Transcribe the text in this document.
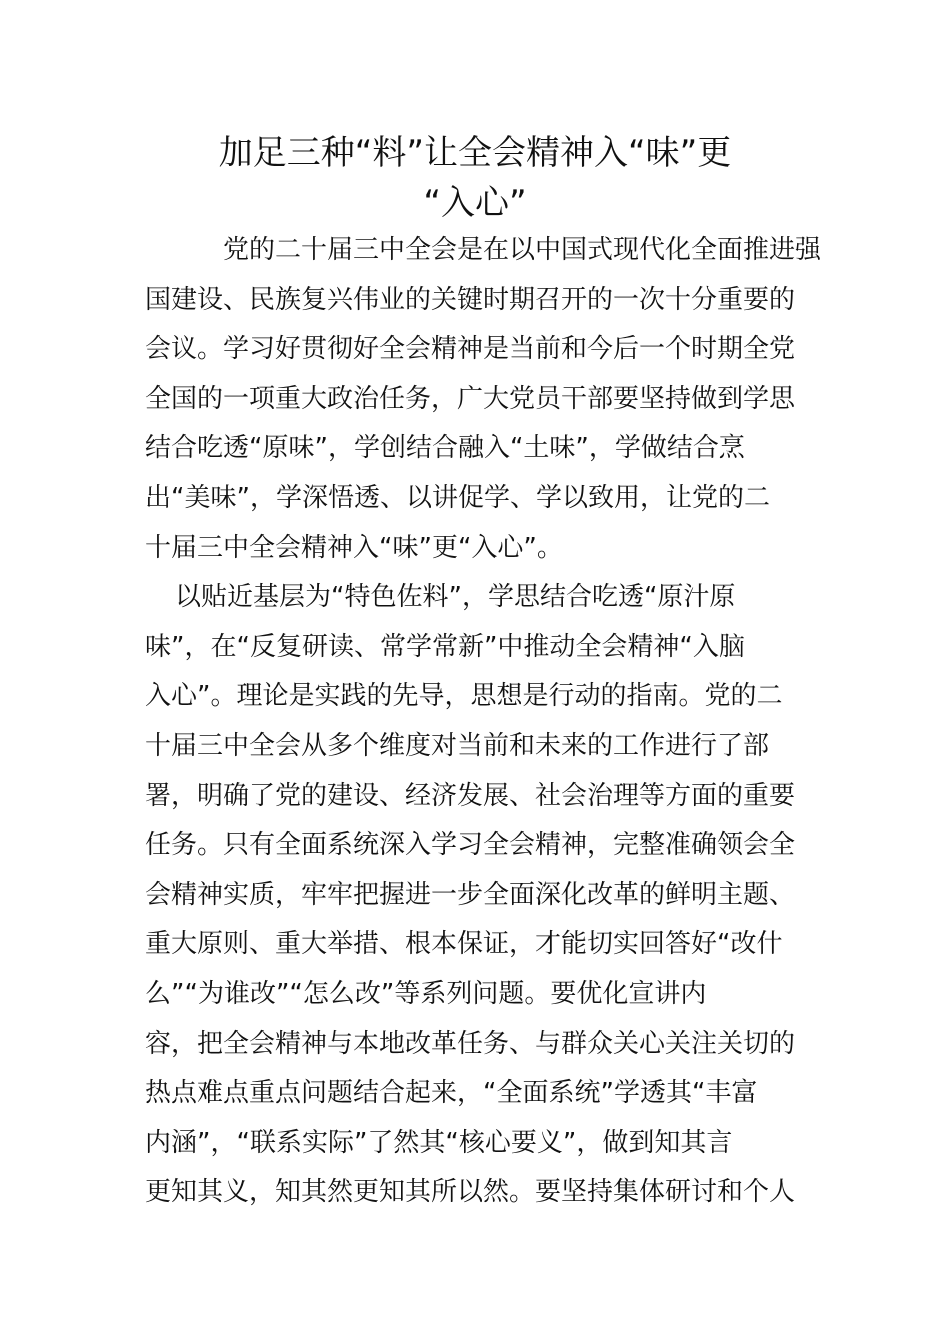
加足三种“料”让全会精神入“味”更
“入心”
党的二十届三中全会是在以中国式现代化全面推进强
国建设、民族复兴伟业的关键时期召开的一次十分重要的
会议。学习好贯彻好全会精神是当前和今后一个时期全党
全国的一项重大政治任务，广大党员干部要坚持做到学思
结合吃透“原味”，学创结合融入“土味”，学做结合烹
出“美味”，学深悟透、以讲促学、学以致用，让党的二
十届三中全会精神入“味”更“入心”。
以贴近基层为“特色佐料”，学思结合吃透“原汁原
味”，在“反复研读、常学常新”中推动全会精神“入脑
入心”。理论是实践的先导，思想是行动的指南。党的二
十届三中全会从多个维度对当前和未来的工作进行了部
署，明确了党的建设、经济发展、社会治理等方面的重要
任务。只有全面系统深入学习全会精神，完整准确领会全
会精神实质，牢牢把握进一步全面深化改革的鲜明主题、
重大原则、重大举措、根本保证，才能切实回答好“改什
么”“为谁改”“怎么改”等系列问题。要优化宣讲内
容，把全会精神与本地改革任务、与群众关心关注关切的
热点难点重点问题结合起来，“全面系统”学透其“丰富
内涵”，“联系实际”了然其“核心要义”，做到知其言
更知其义，知其然更知其所以然。要坚持集体研讨和个人
